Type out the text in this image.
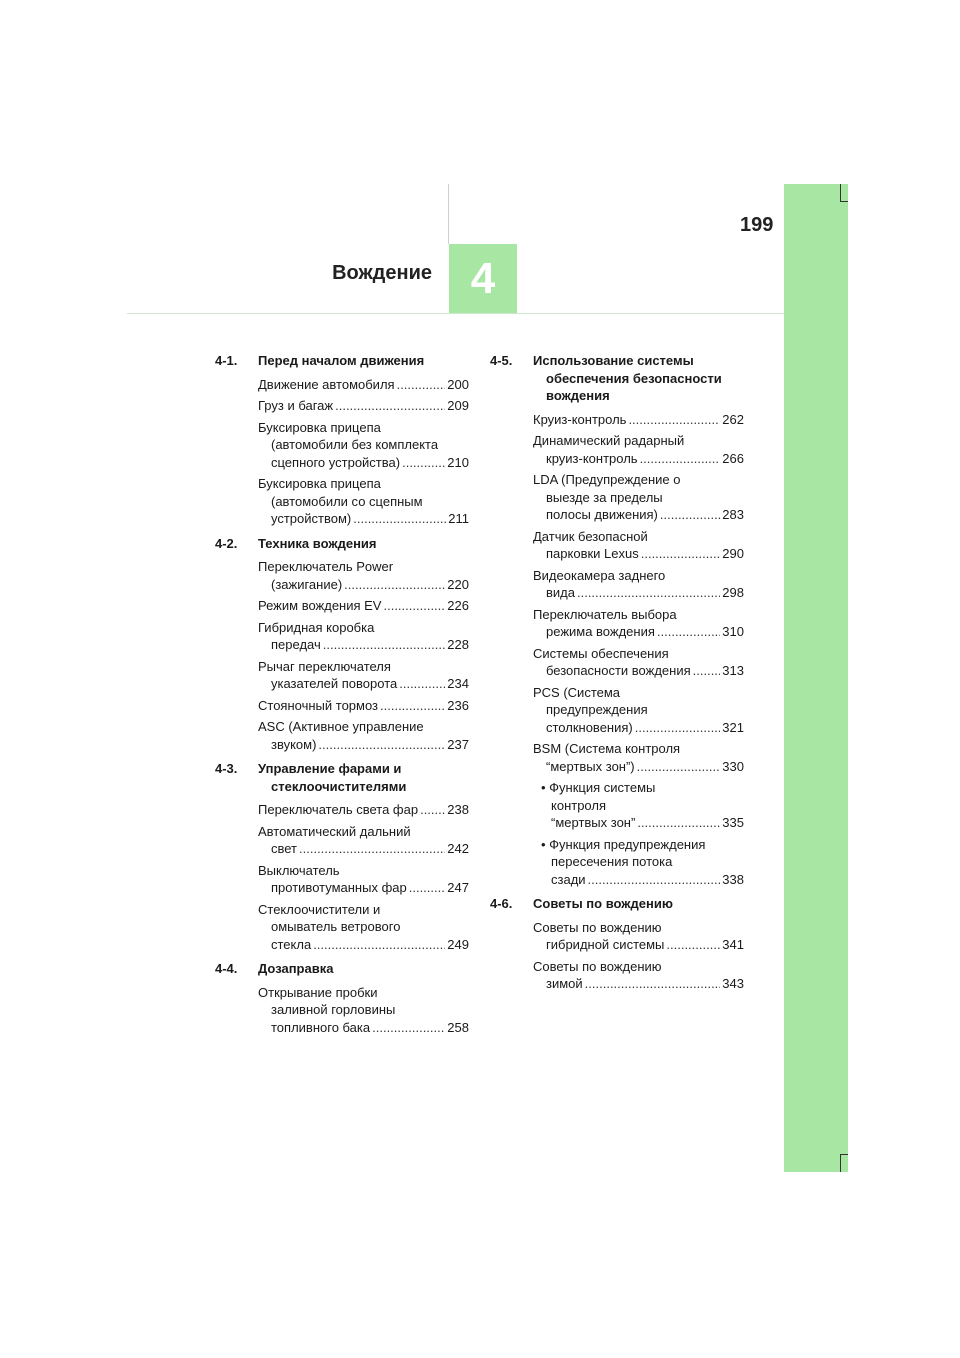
4
Вождение
199
4-1. Перед началом движения
Движение автомобиля .....	200
Груз и багаж .....	209
Буксировка прицепа
(автомобили без комплекта
сцепного устройства) .....	210
Буксировка прицепа
(автомобили со сцепным
устройством) .....	211
4-2. Техника вождения
Переключатель Power
(зажигание) .....	220
Режим вождения EV .....	226
Гибридная коробка
передач .....	228
Рычаг переключателя
указателей поворота .....	234
Стояночный тормоз .....	236
ASC (Активное управление
звуком) .....	237
4-3. Управление фарами и
стеклоочистителями
Переключатель света фар ..... 238
Автоматический дальний
свет .....	242
Выключатель
противотуманных фар .....	247
Стеклоочистители и
омыватель ветрового
стекла .....	249
4-4. Дозаправка
Открывание пробки
заливной горловины
топливного бака .....	258
4-5. Использование системы
обеспечения безопасности
вождения
Круиз-контроль .....	262
Динамический радарный
круиз-контроль .....	266
LDA (Предупреждение о
выезде за пределы
полосы движения) .....	283
Датчик безопасной
парковки Lexus .....	290
Видеокамера заднего
вида .....	298
Переключатель выбора
режима вождения .....	310
Системы обеспечения
безопасности вождения ..... 313
PCS (Система
предупреждения
столкновения) .....	321
BSM (Система контроля
“мертвых зон”) .....	330
• Функция системы
контроля
“мертвых зон” .....	335
• Функция предупреждения
пересечения потока
сзади .....	338
4-6. Советы по вождению
Советы по вождению
гибридной системы .....	341
Советы по вождению
зимой .....	343
